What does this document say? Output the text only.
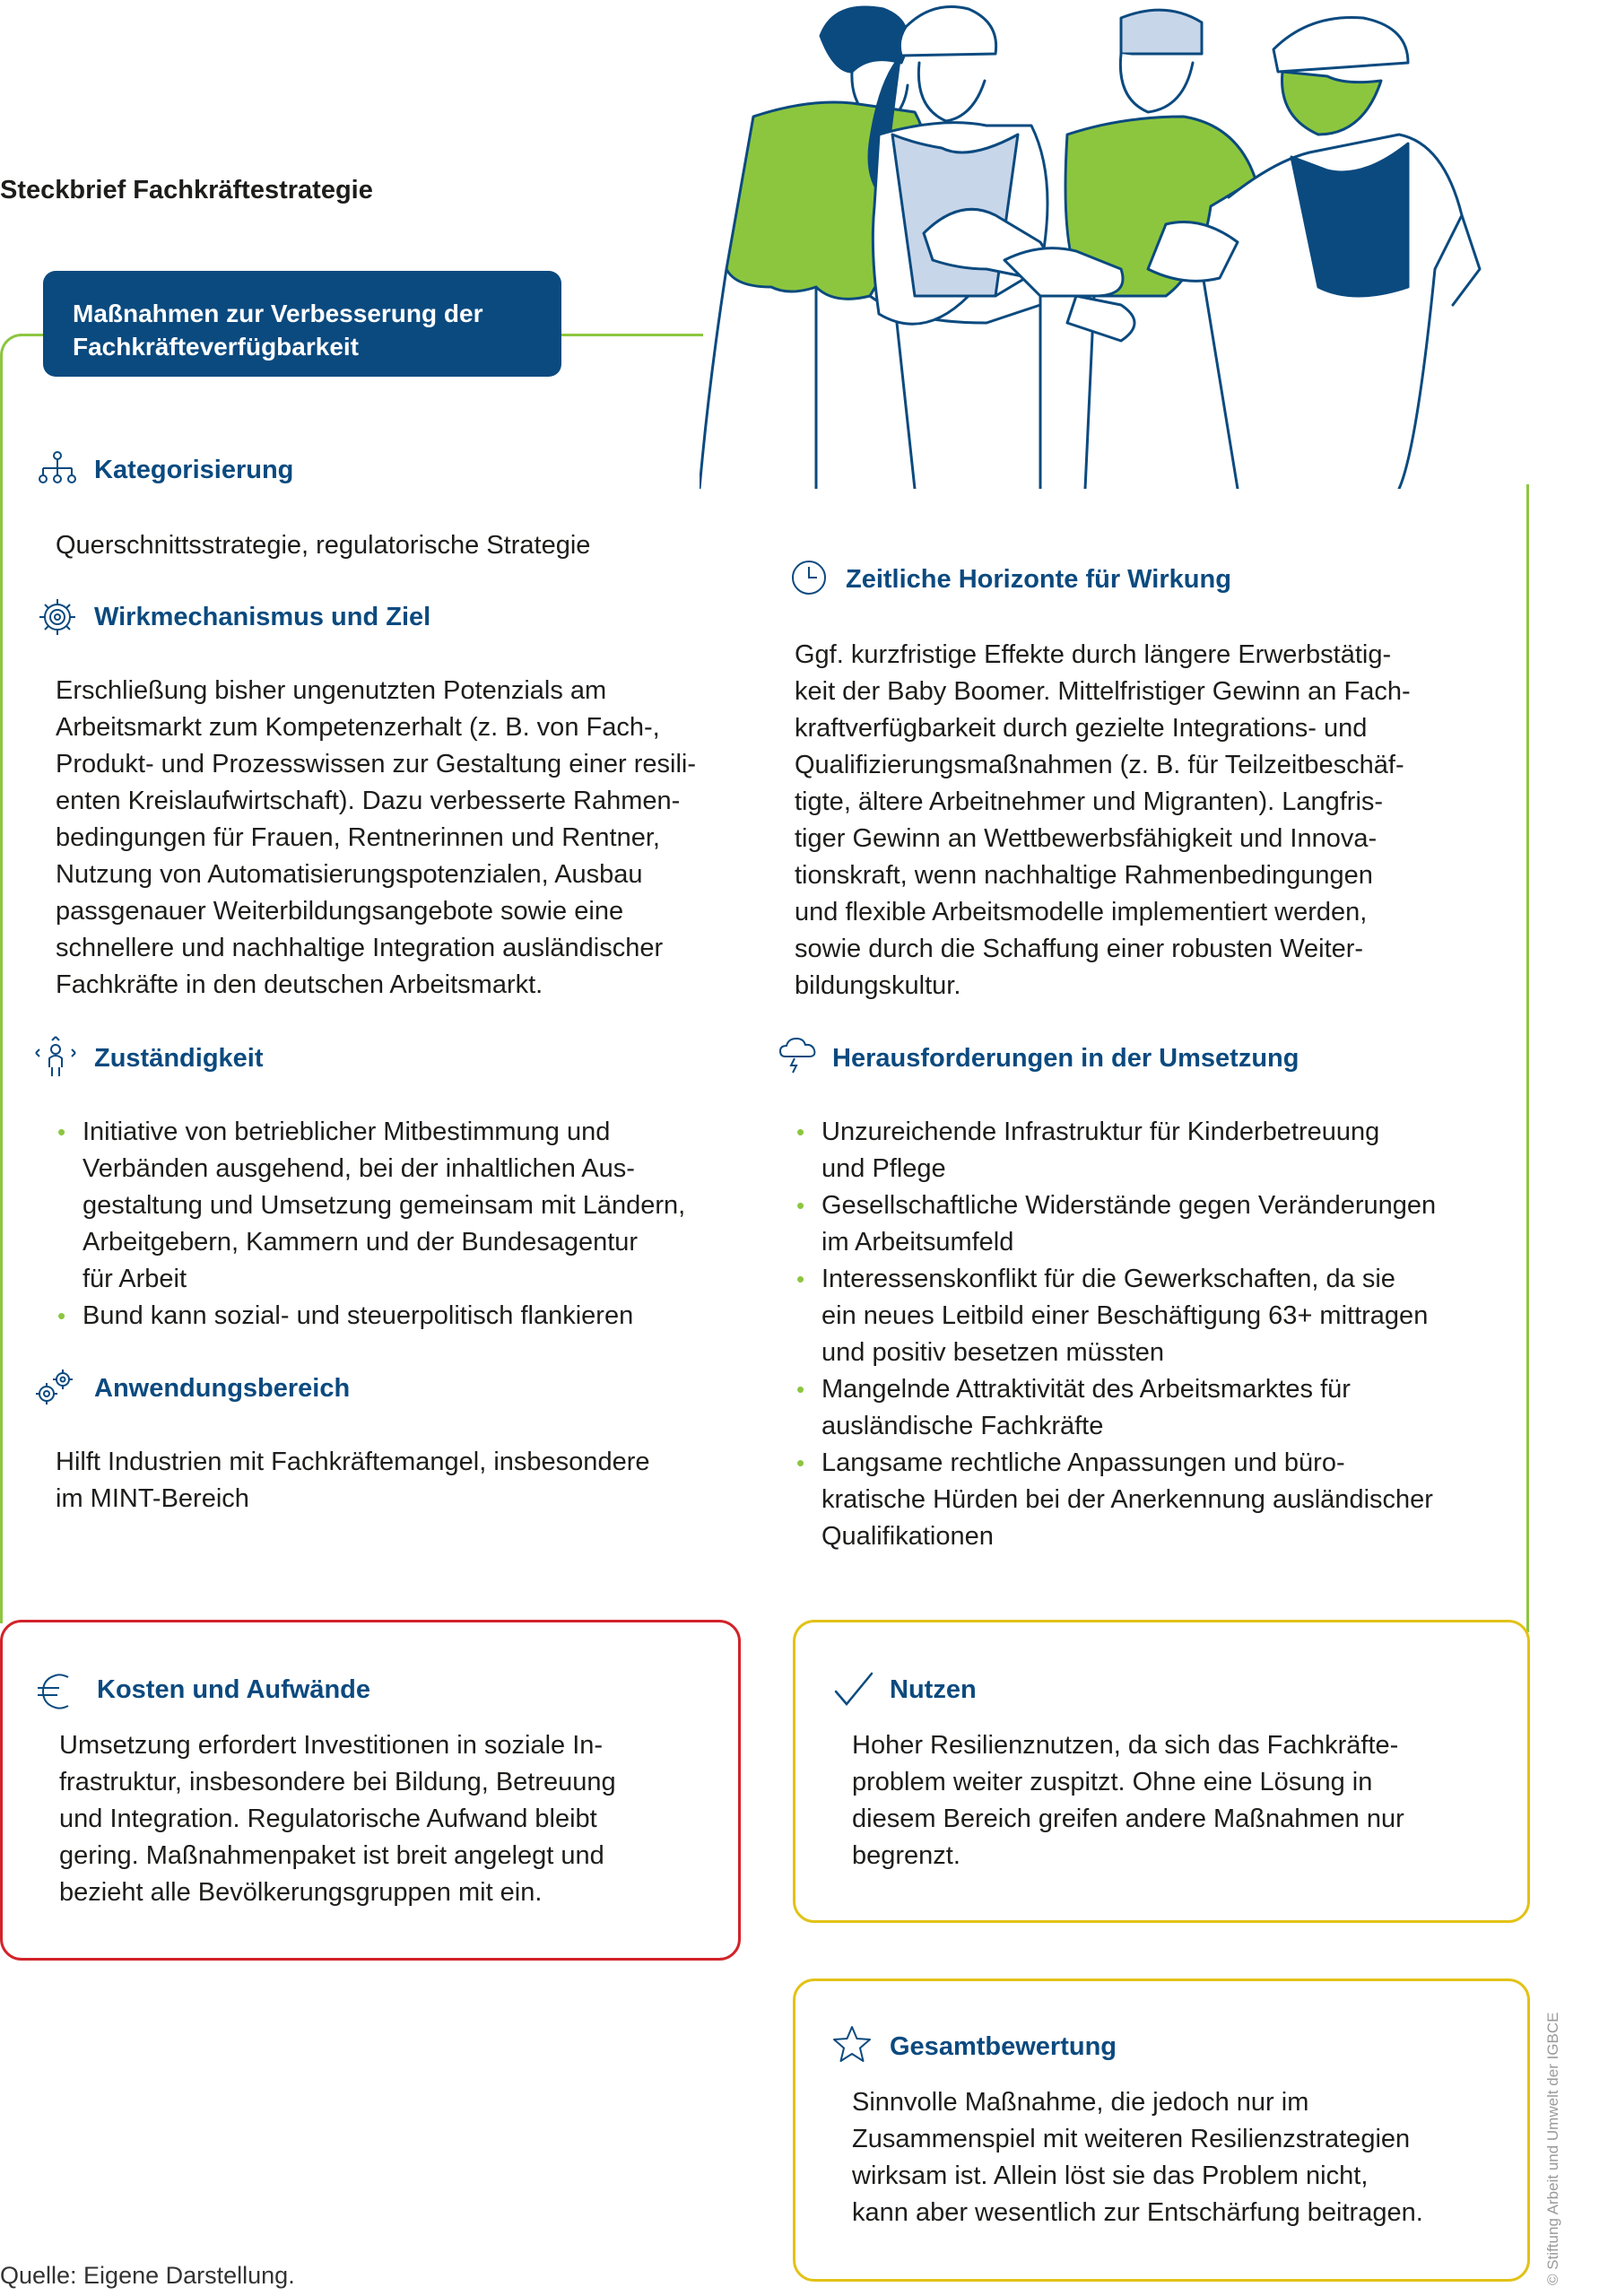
Steckbrief Fachkräftestrategie
Maßnahmen zur Verbesserung der
Fachkräfteverfügbarkeit
Kategorisierung
Querschnittsstrategie, regulatorische Strategie
Wirkmechanismus und Ziel
Erschließung bisher ungenutzten Potenzials am
Arbeitsmarkt zum Kompetenzerhalt (z. B. von Fach-,
Produkt- und Prozesswissen zur Gestaltung einer resili-
enten Kreislaufwirtschaft). Dazu verbesserte Rahmen-
bedingungen für Frauen, Rentnerinnen und Rentner,
Nutzung von Automatisierungspotenzialen, Ausbau
passgenauer Weiterbildungsangebote sowie eine
schnellere und nachhaltige Integration ausländischer
Fachkräfte in den deutschen Arbeitsmarkt.
Zuständigkeit
• Initiative von betrieblicher Mitbestimmung und
Verbänden ausgehend, bei der inhaltlichen Aus-
gestaltung und Umsetzung gemeinsam mit Ländern,
Arbeitgebern, Kammern und der Bundesagentur
für Arbeit
• Bund kann sozial- und steuerpolitisch flankieren
Anwendungsbereich
Hilft Industrien mit Fachkräftemangel, insbesondere
im MINT-Bereich
Zeitliche Horizonte für Wirkung
Ggf. kurzfristige Effekte durch längere Erwerbstätig-
keit der Baby Boomer. Mittelfristiger Gewinn an Fach-
kraftverfügbarkeit durch gezielte Integrations- und
Qualifizierungsmaßnahmen (z. B. für Teilzeitbeschäf-
tigte, ältere Arbeitnehmer und Migranten). Langfris-
tiger Gewinn an Wettbewerbsfähigkeit und Innova-
tionskraft, wenn nachhaltige Rahmenbedingungen
und flexible Arbeitsmodelle implementiert werden,
sowie durch die Schaffung einer robusten Weiter-
bildungskultur.
Herausforderungen in der Umsetzung
• Unzureichende Infrastruktur für Kinderbetreuung
und Pflege
• Gesellschaftliche Widerstände gegen Veränderungen
im Arbeitsumfeld
• Interessenskonflikt für die Gewerkschaften, da sie
ein neues Leitbild einer Beschäftigung 63+ mittragen
und positiv besetzen müssten
• Mangelnde Attraktivität des Arbeitsmarktes für
ausländische Fachkräfte
• Langsame rechtliche Anpassungen und büro-
kratische Hürden bei der Anerkennung ausländischer
Qualifikationen
Kosten und Aufwände
Umsetzung erfordert Investitionen in soziale In-
frastruktur, insbesondere bei Bildung, Betreuung
und Integration. Regulatorische Aufwand bleibt
gering. Maßnahmenpaket ist breit angelegt und
bezieht alle Bevölkerungsgruppen mit ein.
Nutzen
Hoher Resilienznutzen, da sich das Fachkräfte-
problem weiter zuspitzt. Ohne eine Lösung in
diesem Bereich greifen andere Maßnahmen nur
begrenzt.
Gesamtbewertung
Sinnvolle Maßnahme, die jedoch nur im
Zusammenspiel mit weiteren Resilienzstrategien
wirksam ist. Allein löst sie das Problem nicht,
kann aber wesentlich zur Entschärfung beitragen.
Quelle: Eigene Darstellung.	© Stiftung Arbeit und Umwelt der IGBCE
